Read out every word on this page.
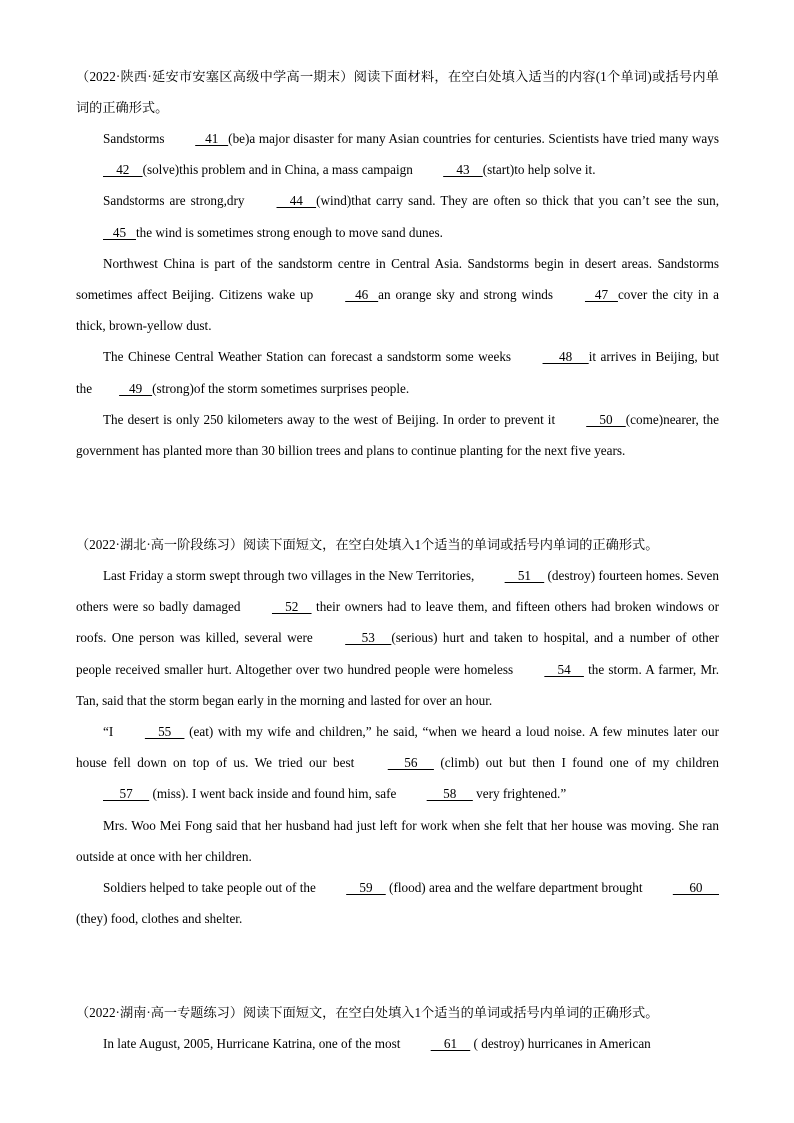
（2022·陕西·延安市安塞区高级中学高一期末）阅读下面材料，在空白处填入适当的内容(1个单词)或括号内单词的正确形式。

Sandstorms    41   (be)a major disaster for many Asian countries for centuries. Scientists have tried many ways     42    (solve)this problem and in China, a mass campaign     43    (start)to help solve it.

Sandstorms are strong,dry     44    (wind)that carry sand. They are often so thick that you can’t see the sun,    45   the wind is sometimes strong enough to move sand dunes.

Northwest China is part of the sandstorm centre in Central Asia. Sandstorms begin in desert areas. Sandstorms sometimes affect Beijing. Citizens wake up    46   an orange sky and strong winds    47   cover the city in a thick, brown-yellow dust.

The Chinese Central Weather Station can forecast a sandstorm some weeks      48     it arrives in Beijing, but the   49   (strong)of the storm sometimes surprises people.

The desert is only 250 kilometers away to the west of Beijing. In order to prevent it     50    (come)nearer, the government has planted more than 30 billion trees and plans to continue planting for the next five years.

（2022·湖北·高一阶段练习）阅读下面短文，在空白处填入1个适当的单词或括号内单词的正确形式。

Last Friday a storm swept through two villages in the New Territories,     51     (destroy) fourteen homes. Seven others were so badly damaged     52     their owners had to leave them, and fifteen others had broken windows or roofs. One person was killed, several were      53     (serious) hurt and taken to hospital, and a number of other people received smaller hurt. Altogether over two hundred people were homeless     54     the storm. A farmer, Mr. Tan, said that the storm began early in the morning and lasted for over an hour.

“I     55     (eat) with my wife and children,” he said, “when we heard a loud noise. A few minutes later our house fell down on top of us. We tried our best      56      (climb) out but then I found one of my children      57      (miss). I went back inside and found him, safe      58      very frightened.”

Mrs. Woo Mei Fong said that her husband had just left for work when she felt that her house was moving. She ran outside at once with her children.

Soldiers helped to take people out of the     59     (flood) area and the welfare department brought      60      (they) food, clothes and shelter.

（2022·湖南·高一专题练习）阅读下面短文，在空白处填入1个适当的单词或括号内单词的正确形式。

In late August, 2005, Hurricane Katrina, one of the most     61     ( destroy) hurricanes in American
